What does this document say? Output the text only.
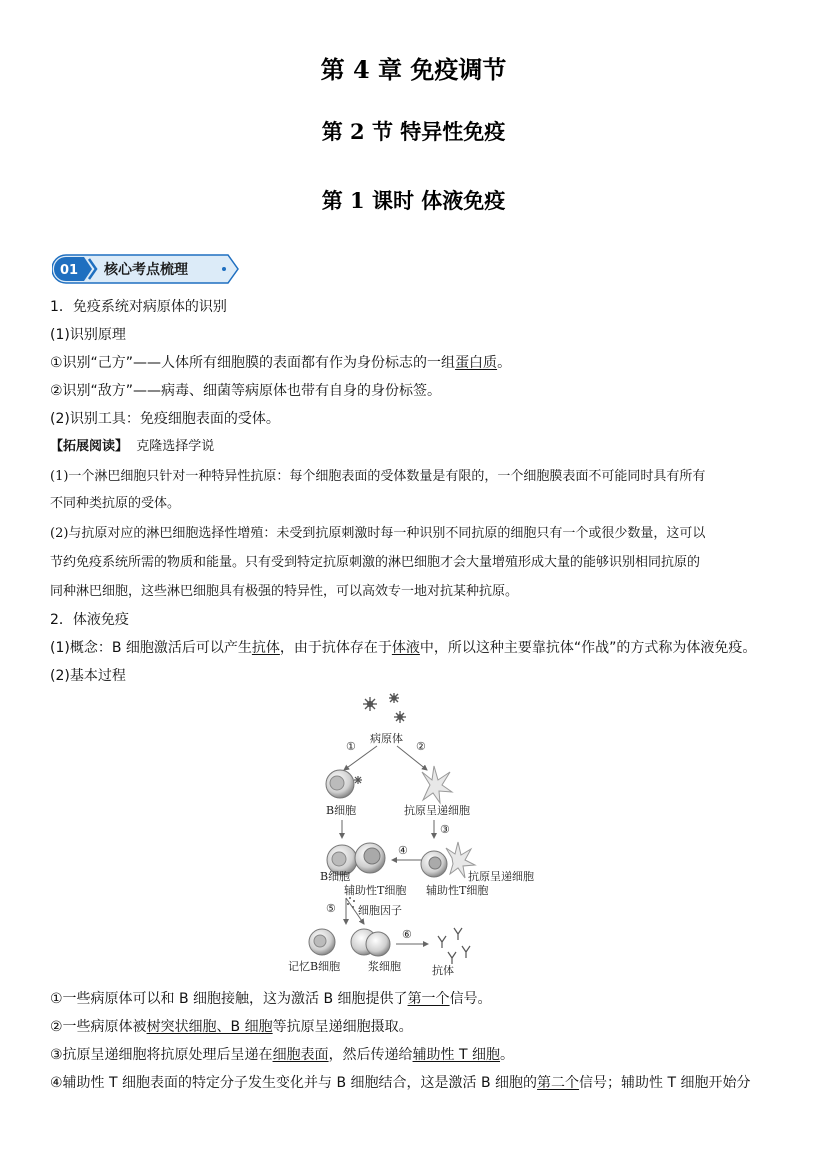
第 4 章 免疫调节
第 2 节 特异性免疫
第 1 课时 体液免疫
01 核心考点梳理
1．免疫系统对病原体的识别
(1)识别原理
①识别“己方”——人体所有细胞膜的表面都有作为身份标志的一组蛋白质。
②识别“敌方”——病毒、细菌等病原体也带有自身的身份标签。
(2)识别工具：免疫细胞表面的受体。
【拓展阅读】 克隆选择学说
(1)一个淋巴细胞只针对一种特异性抗原：每个细胞表面的受体数量是有限的，一个细胞膜表面不可能同时具有所有
不同种类抗原的受体。
(2)与抗原对应的淋巴细胞选择性增殖：未受到抗原刺激时每一种识别不同抗原的细胞只有一个或很少数量，这可以
节约免疫系统所需的物质和能量。只有受到特定抗原刺激的淋巴细胞才会大量增殖形成大量的能够识别相同抗原的
同种淋巴细胞，这些淋巴细胞具有极强的特异性，可以高效专一地对抗某种抗原。
2．体液免疫
(1)概念：B 细胞激活后可以产生抗体，由于抗体存在于体液中，所以这种主要靠抗体“作战”的方式称为体液免疫。
(2)基本过程
病原体
①	②
B细胞	抗原呈递细胞
③
B细胞
辅助性T细胞
④
抗原呈递细胞
辅助性T细胞
⑤ 细胞因子
记忆B细胞	浆细胞
⑥
抗体
①一些病原体可以和 B 细胞接触，这为激活 B 细胞提供了第一个信号。
②一些病原体被树突状细胞、B 细胞等抗原呈递细胞摄取。
③抗原呈递细胞将抗原处理后呈递在细胞表面，然后传递给辅助性 T 细胞。
④辅助性 T 细胞表面的特定分子发生变化并与 B 细胞结合，这是激活 B 细胞的第二个信号；辅助性 T 细胞开始分
